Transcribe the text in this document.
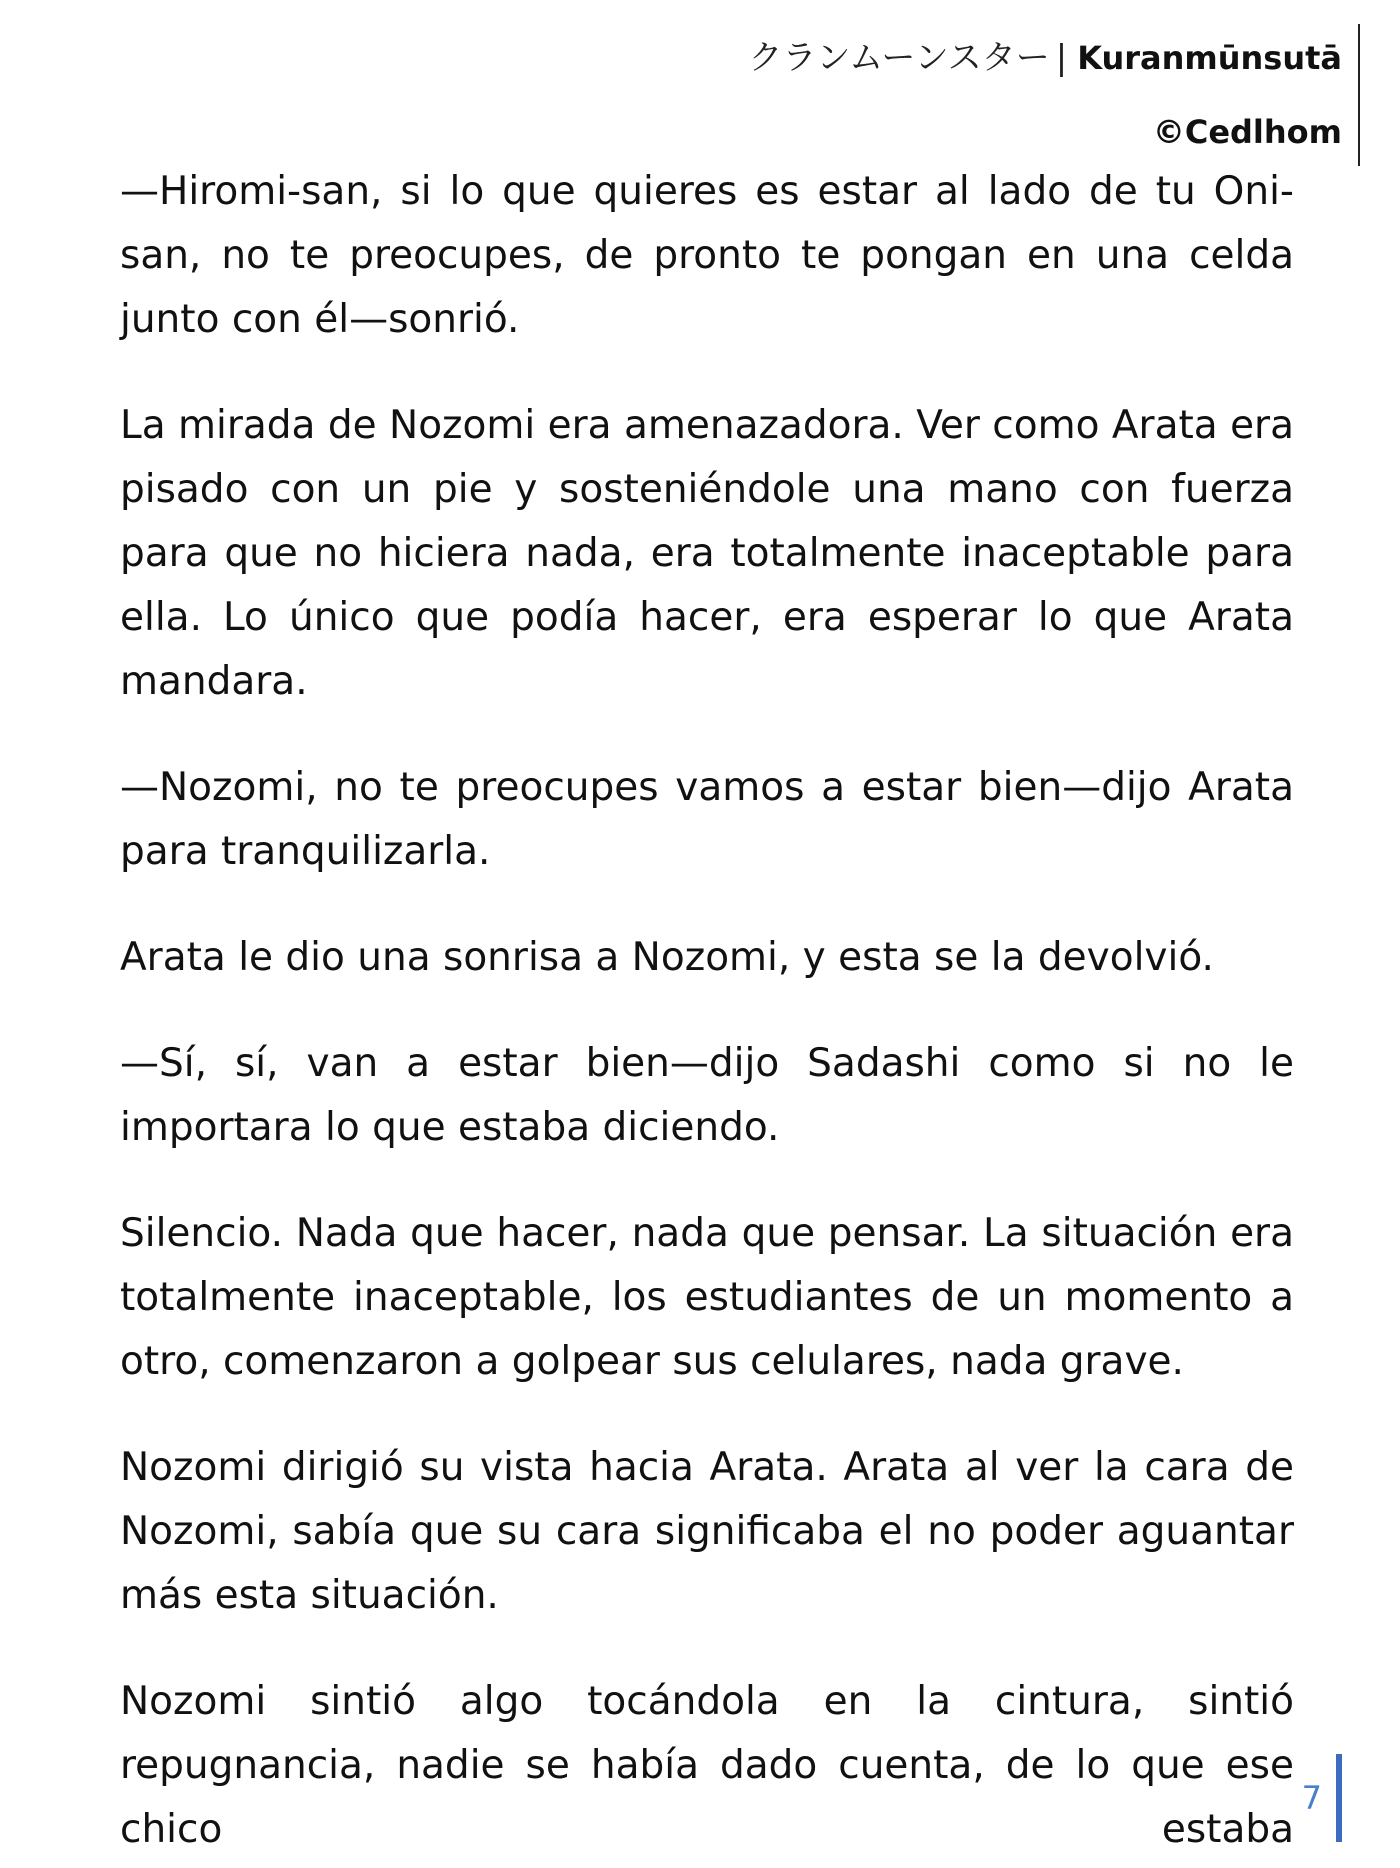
クランムーンスター | Kuranmūnsutā
©Cedlhom

—Hiromi-san, si lo que quieres es estar al lado de tu Oni-san, no te preocupes, de pronto te pongan en una celda junto con él—sonrió.

La mirada de Nozomi era amenazadora. Ver como Arata era pisado con un pie y sosteniéndole una mano con fuerza para que no hiciera nada, era totalmente inaceptable para ella. Lo único que podía hacer, era esperar lo que Arata mandara.

—Nozomi, no te preocupes vamos a estar bien—dijo Arata para tranquilizarla.

Arata le dio una sonrisa a Nozomi, y esta se la devolvió.

—Sí, sí, van a estar bien—dijo Sadashi como si no le importara lo que estaba diciendo.

Silencio. Nada que hacer, nada que pensar. La situación era totalmente inaceptable, los estudiantes de un momento a otro, comenzaron a golpear sus celulares, nada grave.

Nozomi dirigió su vista hacia Arata. Arata al ver la cara de Nozomi, sabía que su cara significaba el no poder aguantar más esta situación.

Nozomi sintió algo tocándola en la cintura, sintió repugnancia, nadie se había dado cuenta, de lo que ese chico estaba

7
